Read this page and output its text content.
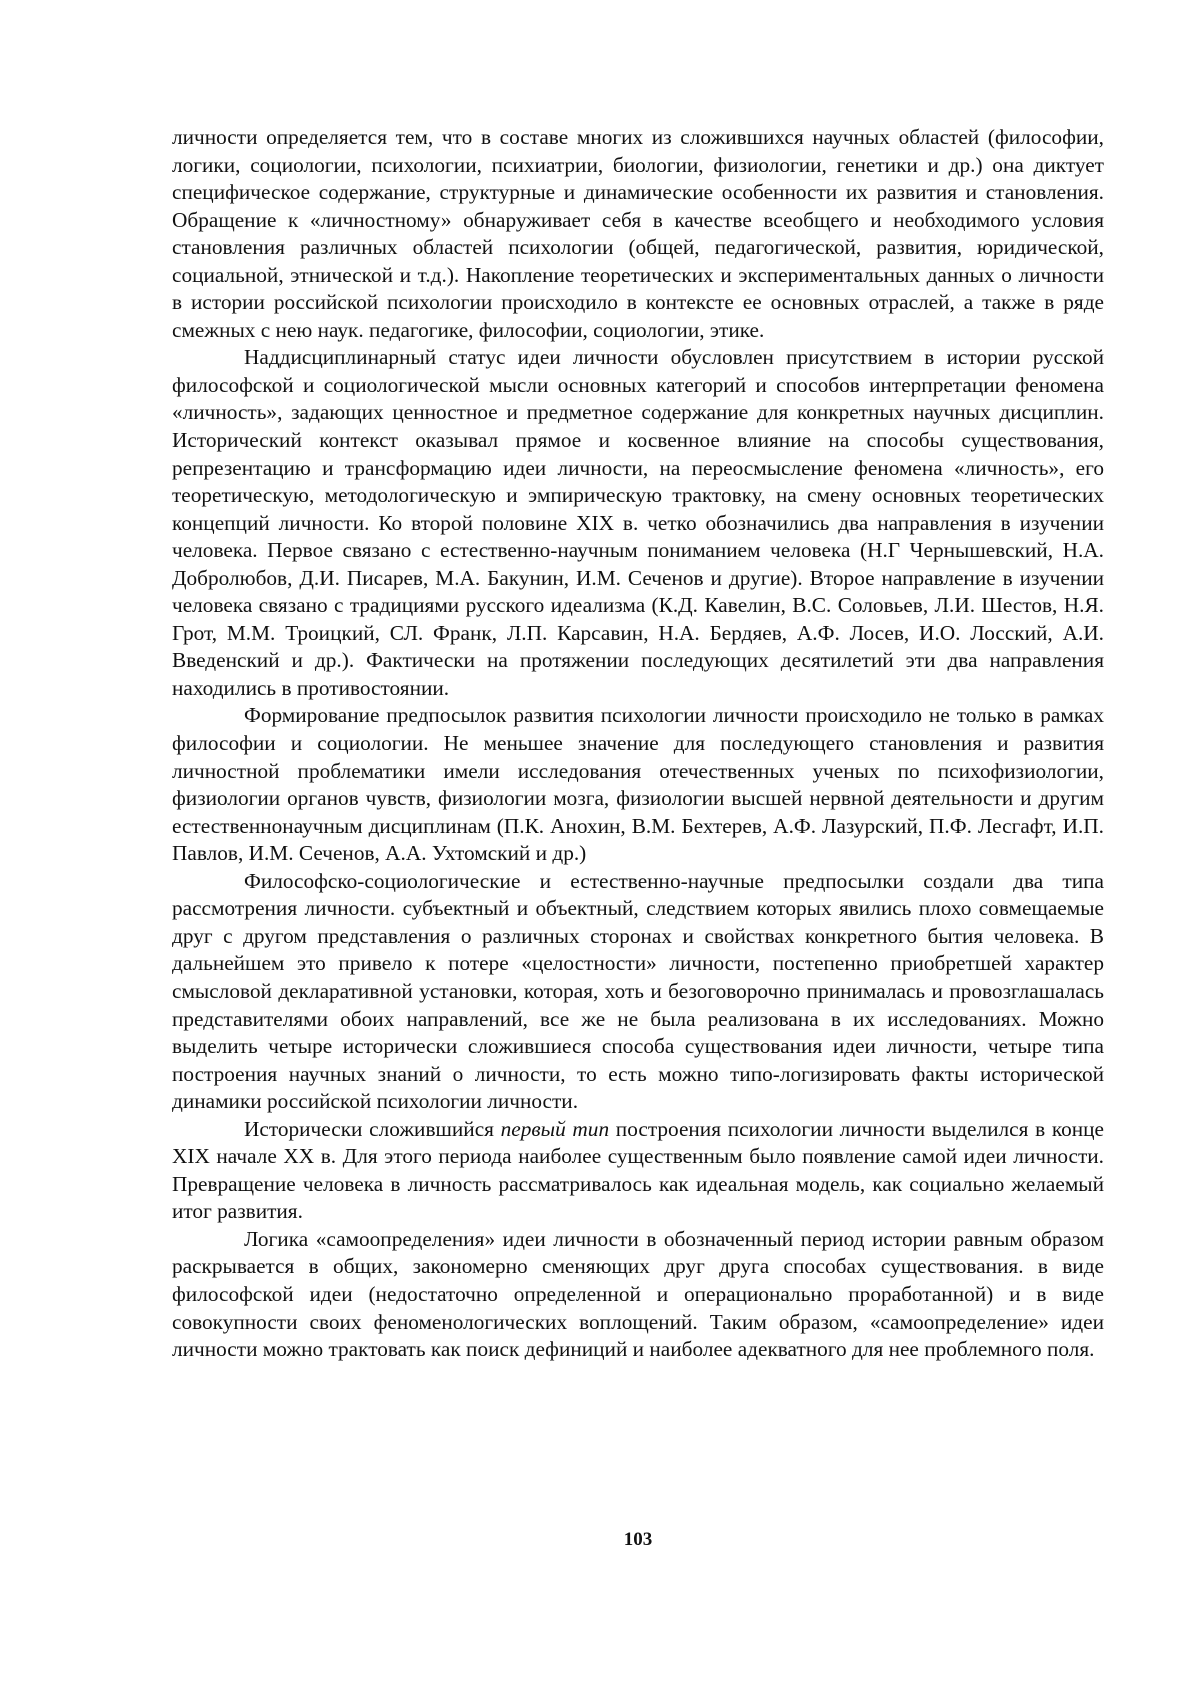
личности определяется тем, что в составе многих из сложившихся научных областей (философии, логики, социологии, психологии, психиатрии, биологии, физиологии, генетики и др.) она диктует специфическое содержание, структурные и динамические особенности их развития и становления. Обращение к «личностному» обнаруживает себя в качестве всеобщего и необходимого условия становления различных областей психологии (общей, педагогической, развития, юридической, социальной, этнической и т.д.). Накопление теоретических и экспериментальных данных о личности в истории российской психологии происходило в контексте ее основных отраслей, а также в ряде смежных с нею наук. педагогике, философии, социологии, этике.

Наддисциплинарный статус идеи личности обусловлен присутствием в истории русской философской и социологической мысли основных категорий и способов интерпретации феномена «личность», задающих ценностное и предметное содержание для конкретных научных дисциплин. Исторический контекст оказывал прямое и косвенное влияние на способы существования, репрезентацию и трансформацию идеи личности, на переосмысление феномена «личность», его теоретическую, методологическую и эмпирическую трактовку, на смену основных теоретических концепций личности. Ко второй половине XIX в. четко обозначились два направления в изучении человека. Первое связано с естественно-научным пониманием человека (Н.Г Чернышевский, Н.А. Добролюбов, Д.И. Писарев, М.А. Бакунин, И.М. Сеченов и другие). Второе направление в изучении человека связано с традициями русского идеализма (К.Д. Кавелин, В.С. Соловьев, Л.И. Шестов, Н.Я. Грот, М.М. Троицкий, СЛ. Франк, Л.П. Карсавин, Н.А. Бердяев, А.Ф. Лосев, И.О. Лосский, А.И. Введенский и др.). Фактически на протяжении последующих десятилетий эти два направления находились в противостоянии.

Формирование предпосылок развития психологии личности происходило не только в рамках философии и социологии. Не меньшее значение для последующего становления и развития личностной проблематики имели исследования отечественных ученых по психофизиологии, физиологии органов чувств, физиологии мозга, физиологии высшей нервной деятельности и другим естественнонаучным дисциплинам (П.К. Анохин, В.М. Бехтерев, А.Ф. Лазурский, П.Ф. Лесгафт, И.П. Павлов, И.М. Сеченов, А.А. Ухтомский и др.)

Философско-социологические и естественно-научные предпосылки создали два типа рассмотрения личности. субъектный и объектный, следствием которых явились плохо совмещаемые друг с другом представления о различных сторонах и свойствах конкретного бытия человека. В дальнейшем это привело к потере «целостности» личности, постепенно приобретшей характер смысловой декларативной установки, которая, хоть и безоговорочно принималась и провозглашалась представителями обоих направлений, все же не была реализована в их исследованиях. Можно выделить четыре исторически сложившиеся способа существования идеи личности, четыре типа построения научных знаний о личности, то есть можно типо-логизировать факты исторической динамики российской психологии личности.

Исторически сложившийся первый тип построения психологии личности выделился в конце XIX начале XX в. Для этого периода наиболее существенным было появление самой идеи личности. Превращение человека в личность рассматривалось как идеальная модель, как социально желаемый итог развития.

Логика «самоопределения» идеи личности в обозначенный период истории равным образом раскрывается в общих, закономерно сменяющих друг друга способах существования. в виде философской идеи (недостаточно определенной и операционально проработанной) и в виде совокупности своих феноменологических воплощений. Таким образом, «самоопределение» идеи личности можно трактовать как поиск дефиниций и наиболее адекватного для нее проблемного поля.

103
